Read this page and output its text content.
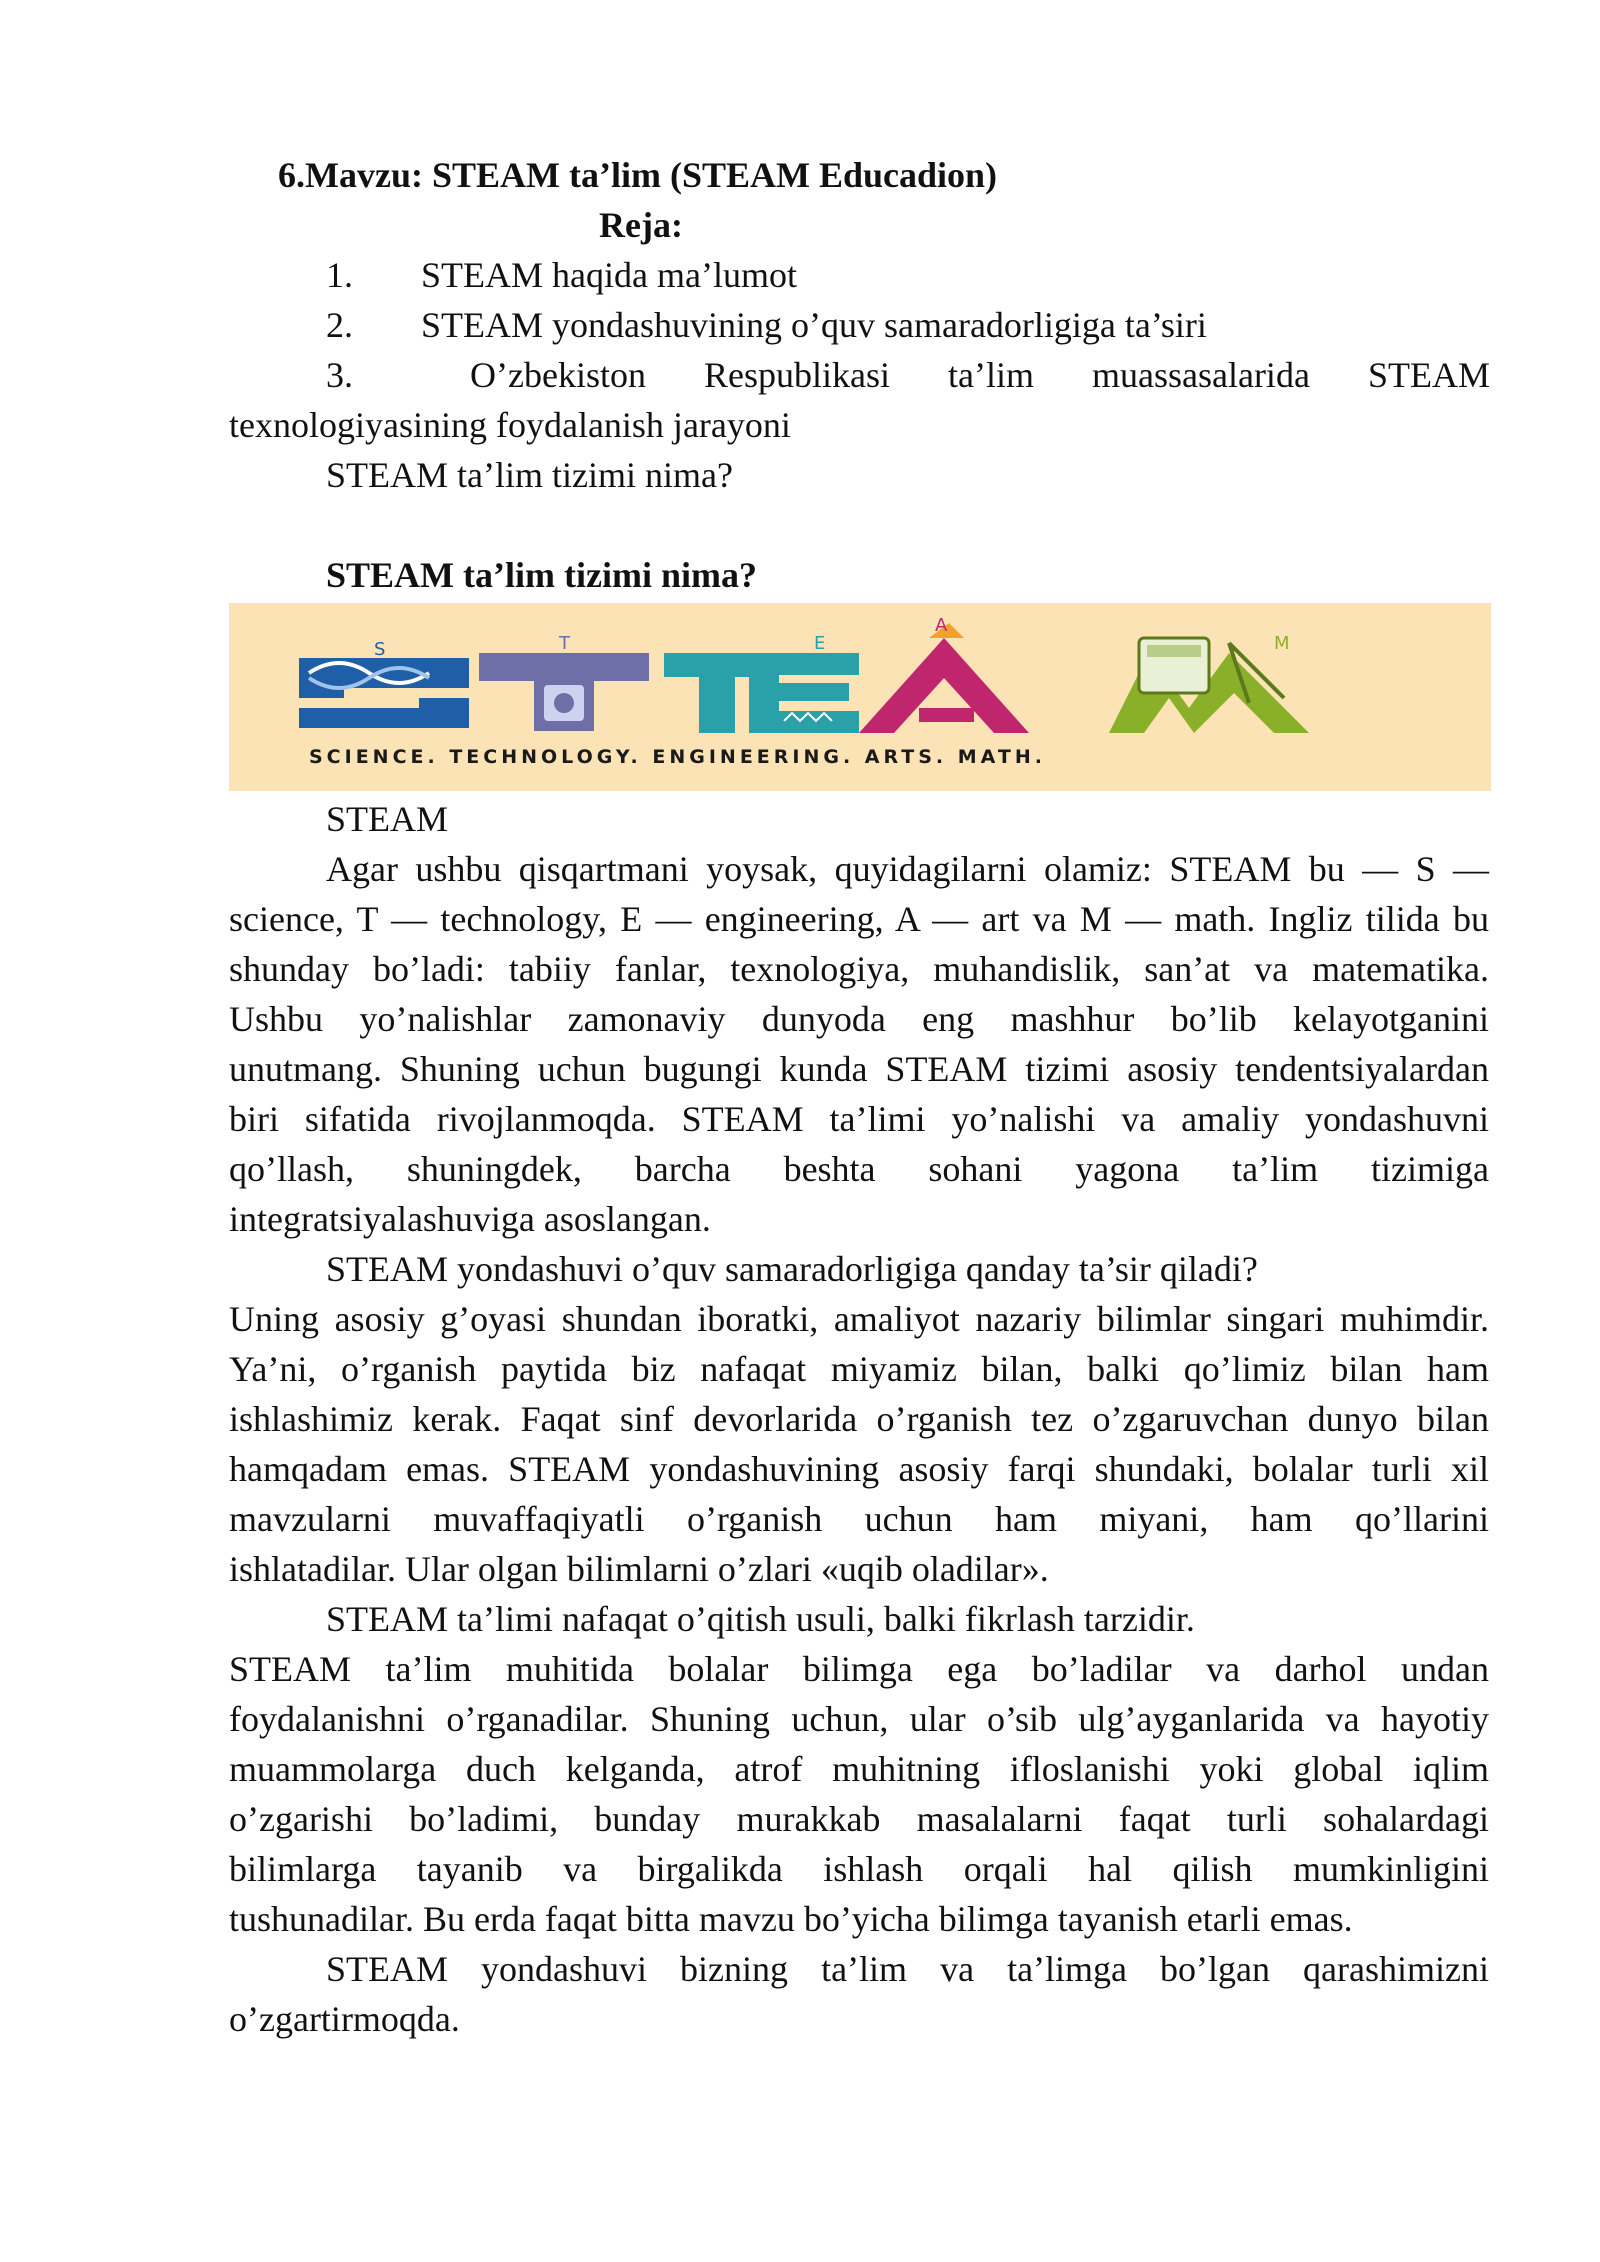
6.Mavzu: STEAM ta’lim (STEAM Educadion)
Reja:
1. STEAM haqida ma’lumot
2. STEAM yondashuvining o’quv samaradorligiga ta’siri
3.	O’zbekiston Respublikasi ta’lim muassasalarida STEAM
texnologiyasining foydalanish jarayoni
STEAM ta’lim tizimi nima?
STEAM ta’lim tizimi nima?
S	T	E
A
M
SCIENCE. TECHNOLOGY. ENGINEERING. ARTS. MATH.
STEAM
Agar ushbu qisqartmani yoysak, quyidagilarni olamiz: STEAM bu — S —
science, T — technology, E — engineering, A — art va M — math. Ingliz tilida bu
shunday bo’ladi: tabiiy fanlar, texnologiya, muhandislik, san’at va matematika.
Ushbu yo’nalishlar zamonaviy dunyoda eng mashhur bo’lib kelayotganini
unutmang. Shuning uchun bugungi kunda STEAM tizimi asosiy tendentsiyalardan
biri sifatida rivojlanmoqda. STEAM ta’limi yo’nalishi va amaliy yondashuvni
qo’llash, shuningdek, barcha beshta sohani yagona ta’lim tizimiga
integratsiyalashuviga asoslangan.
STEAM yondashuvi o’quv samaradorligiga qanday ta’sir qiladi?
Uning asosiy g’oyasi shundan iboratki, amaliyot nazariy bilimlar singari muhimdir.
Ya’ni, o’rganish paytida biz nafaqat miyamiz bilan, balki qo’limiz bilan ham
ishlashimiz kerak. Faqat sinf devorlarida o’rganish tez o’zgaruvchan dunyo bilan
hamqadam emas. STEAM yondashuvining asosiy farqi shundaki, bolalar turli xil
mavzularni muvaffaqiyatli o’rganish uchun ham miyani, ham qo’llarini
ishlatadilar. Ular olgan bilimlarni o’zlari «uqib oladilar».
STEAM ta’limi nafaqat o’qitish usuli, balki fikrlash tarzidir.
STEAM ta’lim muhitida bolalar bilimga ega bo’ladilar va darhol undan
foydalanishni o’rganadilar. Shuning uchun, ular o’sib ulg’ayganlarida va hayotiy
muammolarga duch kelganda, atrof muhitning ifloslanishi yoki global iqlim
o’zgarishi bo’ladimi, bunday murakkab masalalarni faqat turli sohalardagi
bilimlarga tayanib va birgalikda ishlash orqali hal qilish mumkinligini
tushunadilar. Bu erda faqat bitta mavzu bo’yicha bilimga tayanish etarli emas.
STEAM yondashuvi bizning ta’lim va ta’limga bo’lgan qarashimizni
o’zgartirmoqda.
